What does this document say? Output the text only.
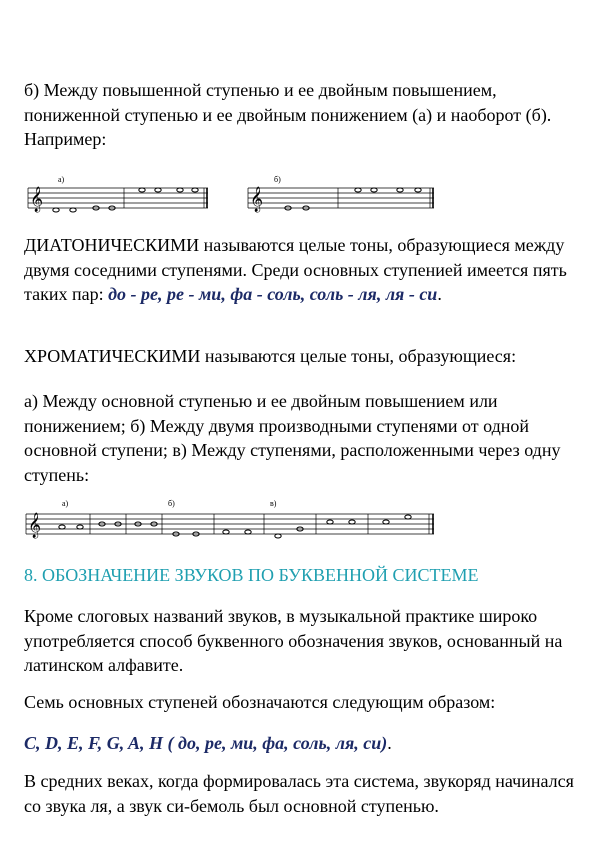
б) Между повышенной ступенью и ее двойным повышением, пониженной ступенью и ее двойным понижением (а) и наоборот (б). Например:

а)
𝄞
б)
𝄞

ДИАТОНИЧЕСКИМИ называются целые тоны, образующиеся между двумя соседними ступенями. Среди основных ступенией имеется пять таких пар: до - ре, ре - ми, фа - соль, соль - ля, ля - си.

ХРОМАТИЧЕСКИМИ называются целые тоны, образующиеся:

а) Между основной ступенью и ее двойным повышением или понижением; б) Между двумя производными ступенями от одной основной ступени; в) Между ступенями, расположенными через одну ступень:

а)	б)	в)
𝄞

8. ОБОЗНАЧЕНИЕ ЗВУКОВ ПО БУКВЕННОЙ СИСТЕМЕ

Кроме слоговых названий звуков, в музыкальной практике широко употребляется способ буквенного обозначения звуков, основанный на латинском алфавите.

Семь основных ступеней обозначаются следующим образом:

C, D, E, F, G, A, H ( до, ре, ми, фа, соль, ля, си).

В средних веках, когда формировалась эта система, звукоряд начинался со звука ля, а звук си-бемоль был основной ступенью.
